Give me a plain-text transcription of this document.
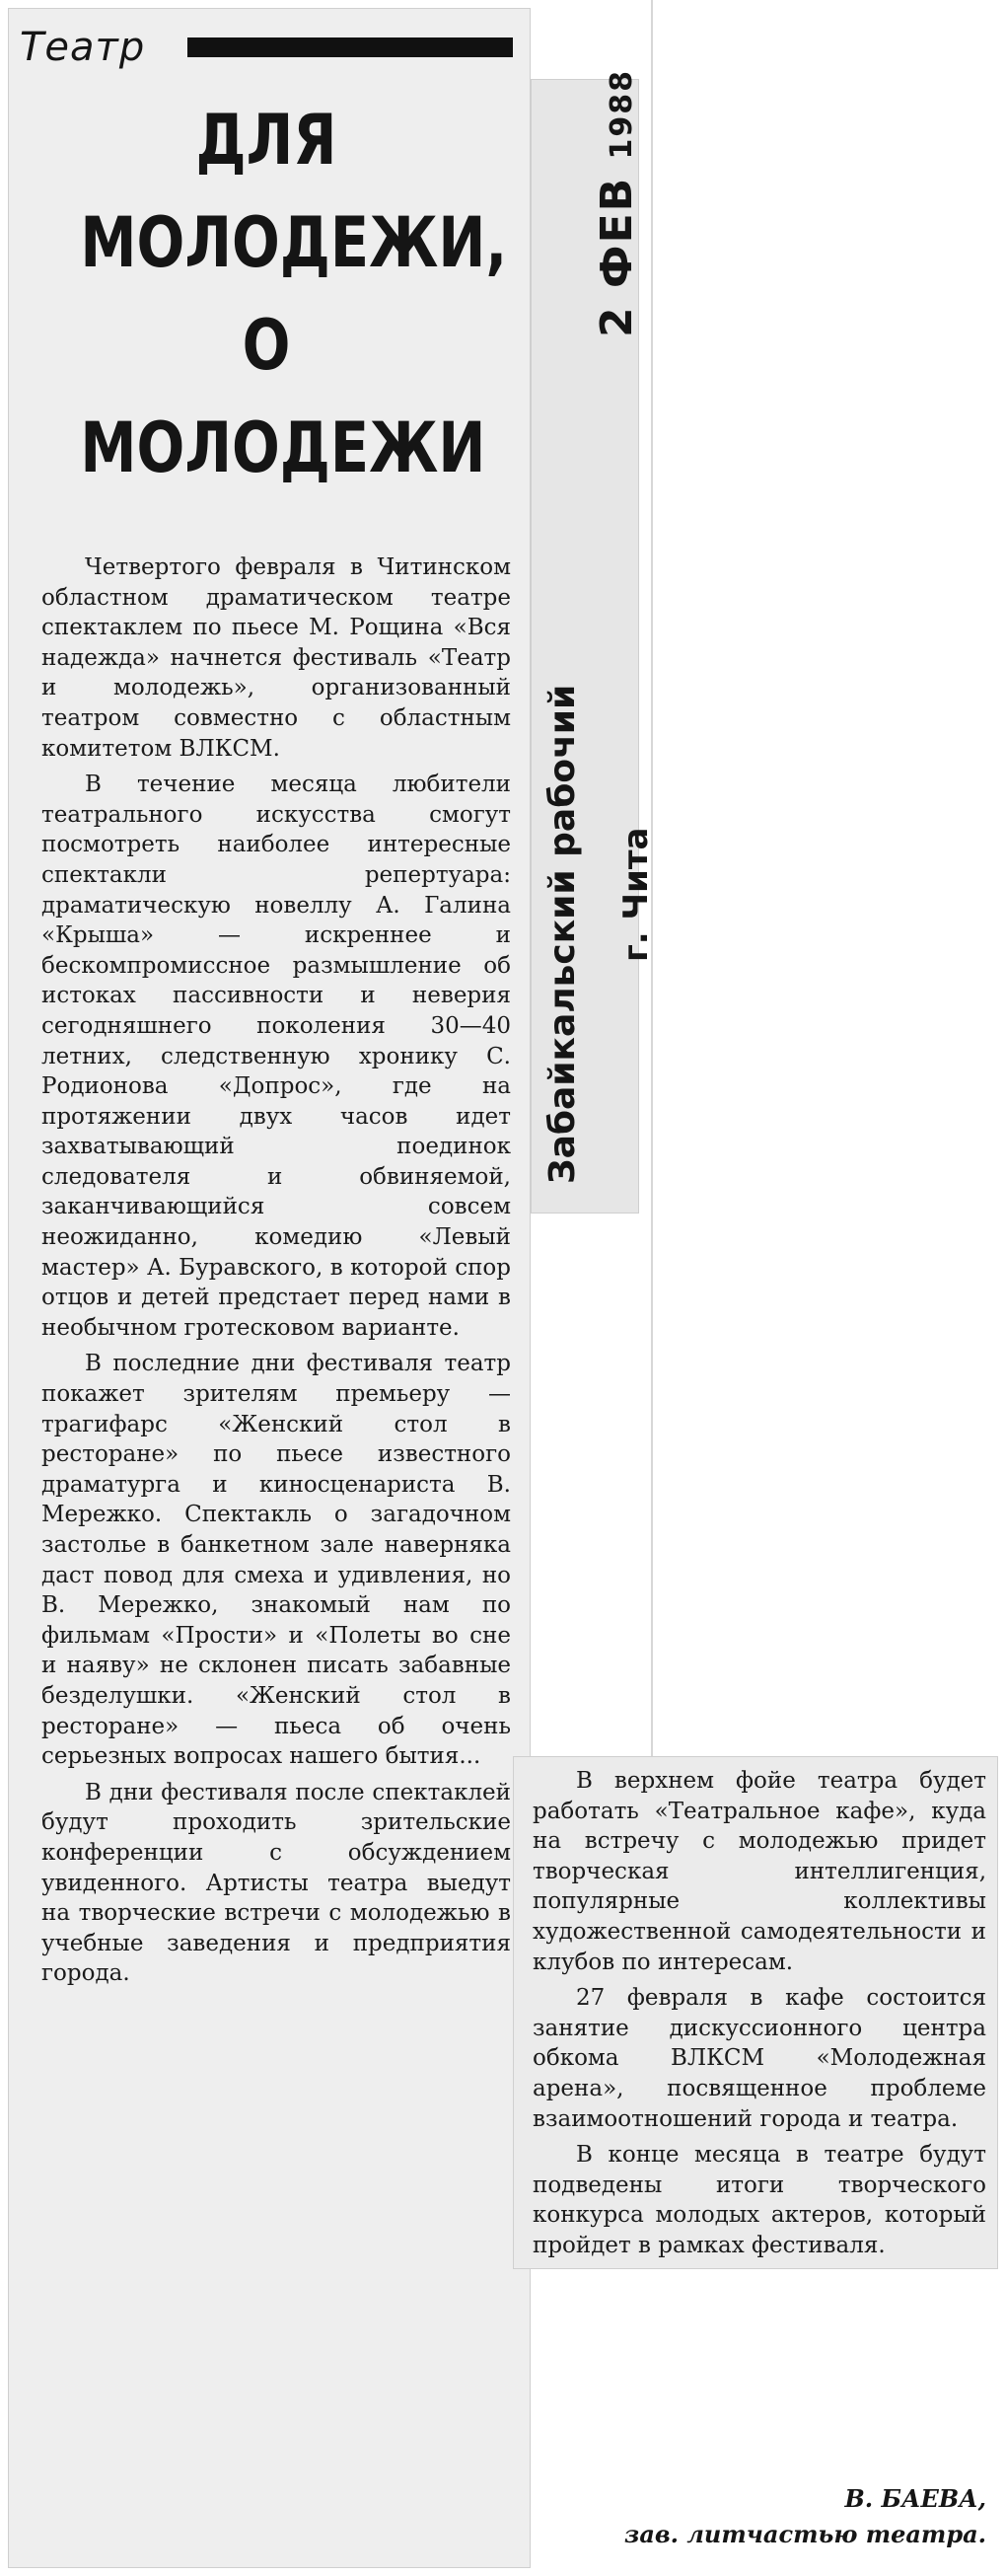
Театр
ДЛЯ
МОЛОДЕЖИ,
О
МОЛОДЕЖИ
2 ФЕВ 1988
Забайкальский рабочий г. Чита

Четвертого февраля в Читинском областном драматическом театре спектаклем по пьесе М. Рощина «Вся надежда» начнется фестиваль «Театр и молодежь», организованный театром совместно с областным комитетом ВЛКСМ.

В течение месяца любители театрального искусства смогут посмотреть наиболее интересные спектакли репертуара: драматическую новеллу А. Галина «Крыша» — искреннее и бескомпромиссное размышление об истоках пассивности и неверия сегодняшнего поколения 30—40 летних, следственную хронику С. Родионова «Допрос», где на протяжении двух часов идет захватывающий поединок следователя и обвиняемой, заканчивающийся совсем неожиданно, комедию «Левый мастер» А. Буравского, в которой спор отцов и детей предстает перед нами в необычном гротесковом варианте.

В последние дни фестиваля театр покажет зрителям премьеру — трагифарс «Женский стол в ресторане» по пьесе известного драматурга и киносценариста В. Мережко. Спектакль о загадочном застолье в банкетном зале наверняка даст повод для смеха и удивления, но В. Мережко, знакомый нам по фильмам «Прости» и «Полеты во сне и наяву» не склонен писать забавные безделушки. «Женский стол в ресторане» — пьеса об очень серьезных вопросах нашего бытия...

В дни фестиваля после спектаклей будут проходить зрительские конференции с обсуждением увиденного. Артисты театра выедут на творческие встречи с молодежью в учебные заведения и предприятия города.

В верхнем фойе театра будет работать «Театральное кафе», куда на встречу с молодежью придет творческая интеллигенция, популярные коллективы художественной самодеятельности и клубов по интересам.

27 февраля в кафе состоится занятие дискуссионного центра обкома ВЛКСМ «Молодежная арена», посвященное проблеме взаимоотношений города и театра.

В конце месяца в театре будут подведены итоги творческого конкурса молодых актеров, который пройдет в рамках фестиваля.

В. БАЕВА,
зав. литчастью театра.
